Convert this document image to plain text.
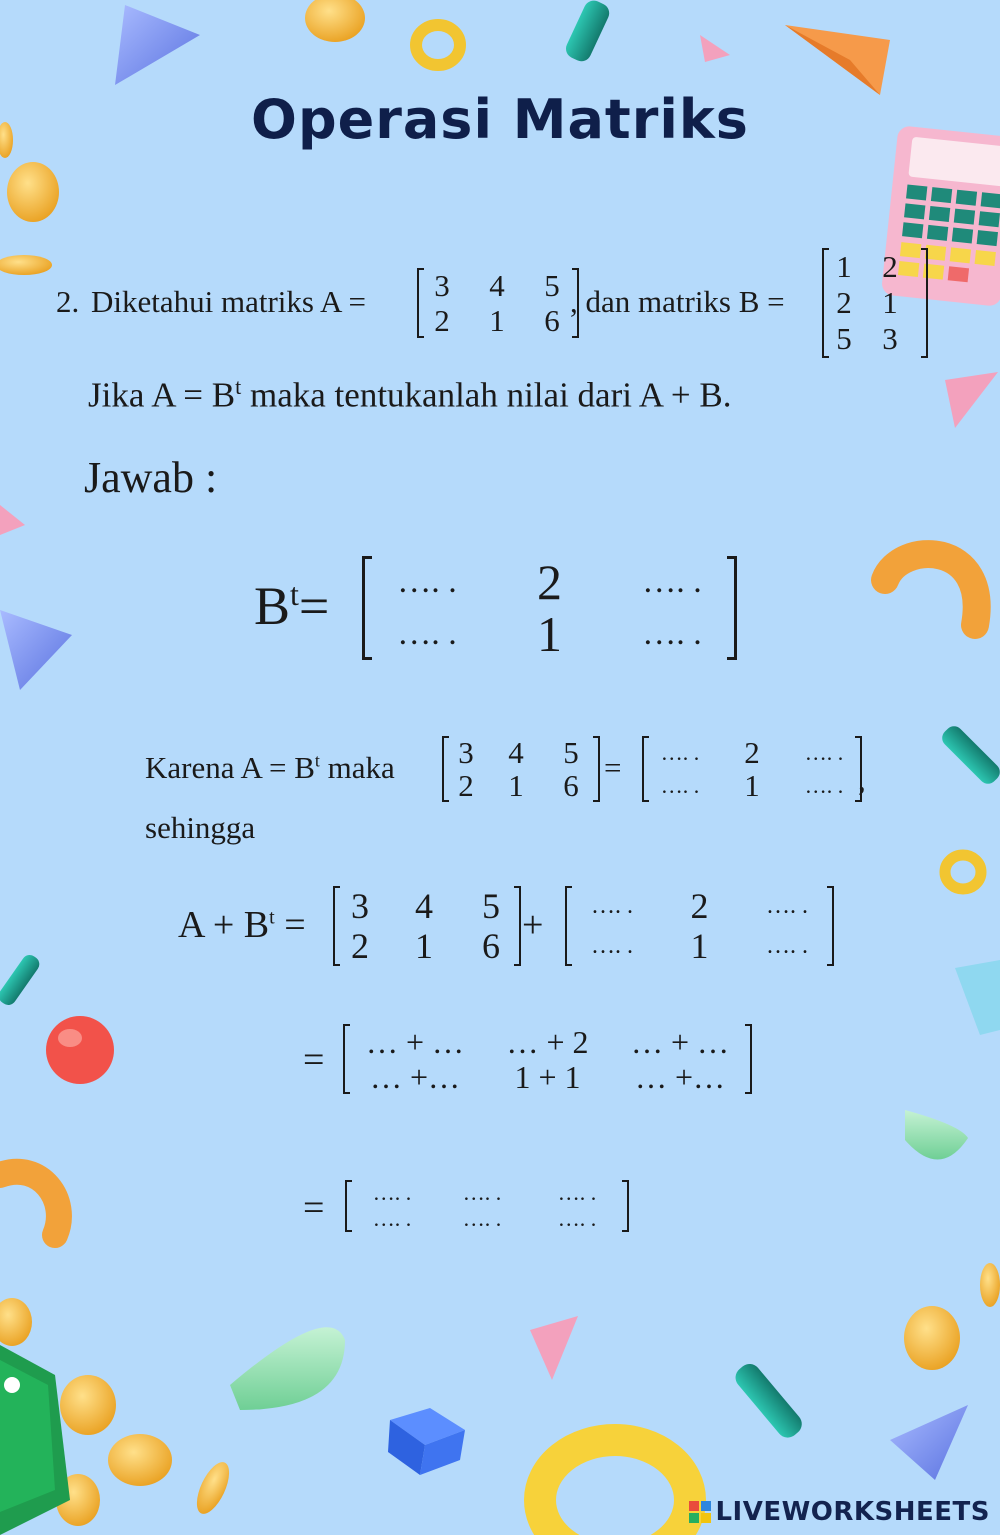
Operasi Matriks
2. Diketahui matriks A = 3 4 5
2 1 6
, dan matriks B =
1 2
2 1
5 3
Jika $A = B^t$ maka tentukanlah nilai dari A + B.
Jawab :
$B^t=$ …. . 2 …. .
…. . 1 …. .
Karena $A = B^t$ maka 3 4 5
2 1 6
= …. . 2 …. .
…. . 1 …. . ,
sehingga
$A + B^t = 3$ 4 5
2 1 6 + …. . 2 …. .
…. . 1 …. .
= … + … … + 2 … + …
… +… 1 + 1 … +…
= …. . …. .	…. .
…. . …. .	…. .
LIVEWORKSHEETS
